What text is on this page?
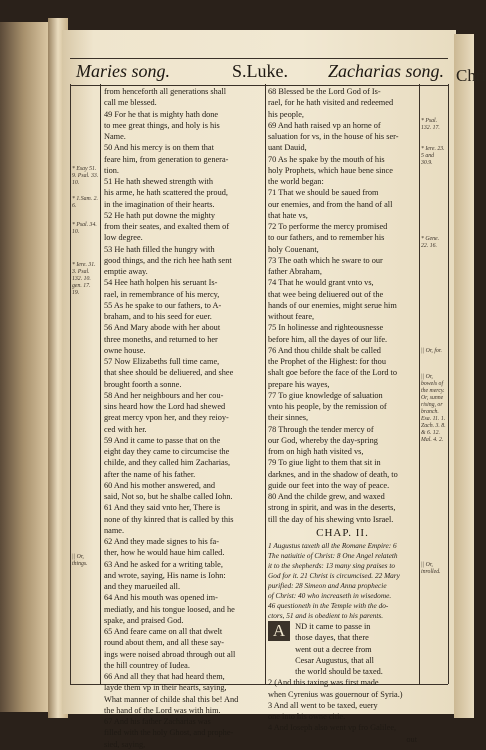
Chri
Maries song.	S.Luke. Zacharias song.
from henceforth all generations shall
call me blessed.
49 For he that is mighty hath done
to mee great things, and holy is his
Name.
50 And his mercy is on them that
feare him, from generation to genera-
tion.
51 He hath shewed strength with
his arme, he hath scattered the proud,
in the imagination of their hearts.
52 He hath put downe the mighty
from their seates, and exalted them of
low degree.
53 He hath filled the hungry with
good things, and the rich hee hath sent
emptie away.
54 Hee hath holpen his seruant Is-
rael, in remembrance of his mercy,
55 As he spake to our fathers, to A-
braham, and to his seed for euer.
56 And Mary abode with her about
three moneths, and returned to her
owne house.
57 Now Elizabeths full time came,
that shee should be deliuered, and shee
brought foorth a sonne.
58 And her neighbours and her cou-
sins heard how the Lord had shewed
great mercy vpon her, and they reioy-
ced with her.
59 And it came to passe that on the
eight day they came to circumcise the
childe, and they called him Zacharias,
after the name of his father.
60 And his mother answered, and
said, Not so, but he shalbe called Iohn.
61 And they said vnto her, There is
none of thy kinred that is called by this
name.
62 And they made signes to his fa-
ther, how he would haue him called.
63 And he asked for a writing table,
and wrote, saying, His name is Iohn:
and they marueiled all.
64 And his mouth was opened im-
mediatly, and his tongue loosed, and he
spake, and praised God.
65 And feare came on all that dwelt
round about them, and all these say-
ings were noised abroad through out all
the hill countrey of Iudea.
66 And all they that had heard them,
layde them vp in their hearts, saying,
What manner of childe shal this be! And
the hand of the Lord was with him.
67 And his father Zacharias was
filled with the holy Ghost, and prophe-
sied, saying,
68 Blessed be the Lord God of Is-
rael, for he hath visited and redeemed
his people,
69 And hath raised vp an horne of
saluation for vs, in the house of his ser-
uant Dauid,
70 As he spake by the mouth of his
holy Prophets, which haue bene since
the world began:
71 That we should be saued from
our enemies, and from the hand of all
that hate vs,
72 To performe the mercy promised
to our fathers, and to remember his
holy Couenant,
73 The oath which he sware to our
father Abraham,
74 That he would grant vnto vs,
that wee being deliuered out of the
hands of our enemies, might serue him
without feare,
75 In holinesse and righteousnesse
before him, all the dayes of our life.
76 And thou childe shalt be called
the Prophet of the Highest: for thou
shalt goe before the face of the Lord to
prepare his wayes,
77 To giue knowledge of saluation
vnto his people, by the remission of
their sinnes,
78 Through the tender mercy of
our God, whereby the day-spring
from on high hath visited vs,
79 To giue light to them that sit in
darknes, and in the shadow of death, to
guide our feet into the way of peace.
80 And the childe grew, and waxed
strong in spirit, and was in the deserts,
till the day of his shewing vnto Israel.
CHAP. II.
1 Augustus taxeth all the Romane Empire: 6
The natiuitie of Christ: 8 One Angel relateth
it to the shepherds: 13 many sing praises to
God for it. 21 Christ is circumcised. 22 Mary
purified: 28 Simeon and Anna prophecie
of Christ: 40 who increaseth in wisedome.
46 questioneth in the Temple with the do-
ctors, 51 and is obedient to his parents.
A ND it came to passe in
those dayes, that there
went out a decree from
Cesar Augustus, that all
the world should be taxed.
2 (And this taxing was first made
when Cyrenius was gouernour of Syria.)
3 And all went to be taxed, euery
one into his owne citie.
4 And Ioseph also went vp fro Galilee,
out
* Esay 51. 9. Psal. 33. 10.
* 1.Sam. 2. 6.
* Psal. 34. 10.
* Iere. 31. 3. Psal. 132. 10. gen. 17. 19.
|| Or, things.
* Psal. 132. 17.
* Iere. 23. 5 and 30.9.
* Gene. 22. 16.
|| Or, for.
|| Or, bowels of the mercy. Or, sunne rising, or branch. Esa. 11. 1. Zach. 3. 8. & 6. 12. Mal. 4. 2.
|| Or, inrolled.
